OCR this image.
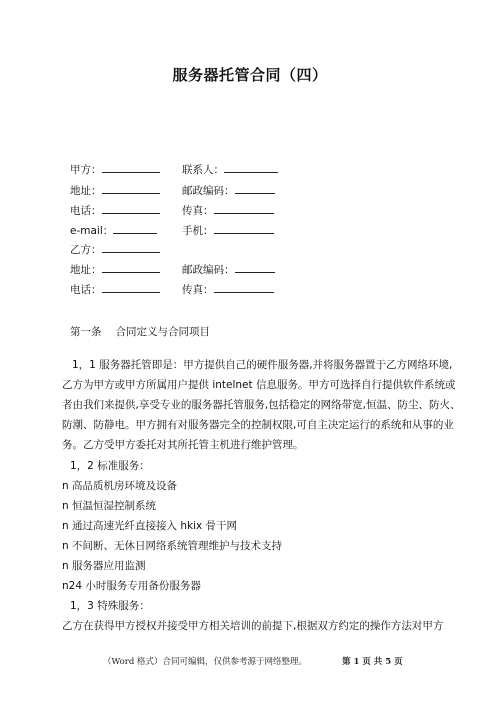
服务器托管合同（四）
甲方：	联系人：
地址：	邮政编码：
电话：	传真：
e-mail：	手机：
乙方：
地址：	邮政编码：
电话：	传真：
第一条 合同定义与合同项目
1，1 服务器托管即是：甲方提供自己的硬件服务器,并将服务器置于乙方网络环境,
乙方为甲方或甲方所属用户提供 intelnet 信息服务。甲方可选择自行提供软件系统或
者由我们来提供,享受专业的服务器托管服务,包括稳定的网络带宽,恒温、防尘、防火、
防潮、防静电。甲方拥有对服务器完全的控制权限,可自主决定运行的系统和从事的业
务。乙方受甲方委托对其所托管主机进行维护管理。
1，2 标准服务：
n 高品质机房环境及设备
n 恒温恒湿控制系统
n 通过高速光纤直接接入 hkix 骨干网
n 不间断、无休日网络系统管理维护与技术支持
n 服务器应用监测
n24 小时服务专用备份服务器
1，3 特殊服务：
乙方在获得甲方授权并接受甲方相关培训的前提下,根据双方约定的操作方法对甲方
（Word 格式）合同可编辑，仅供参考源于网络整理。	第 1 页 共 5 页
